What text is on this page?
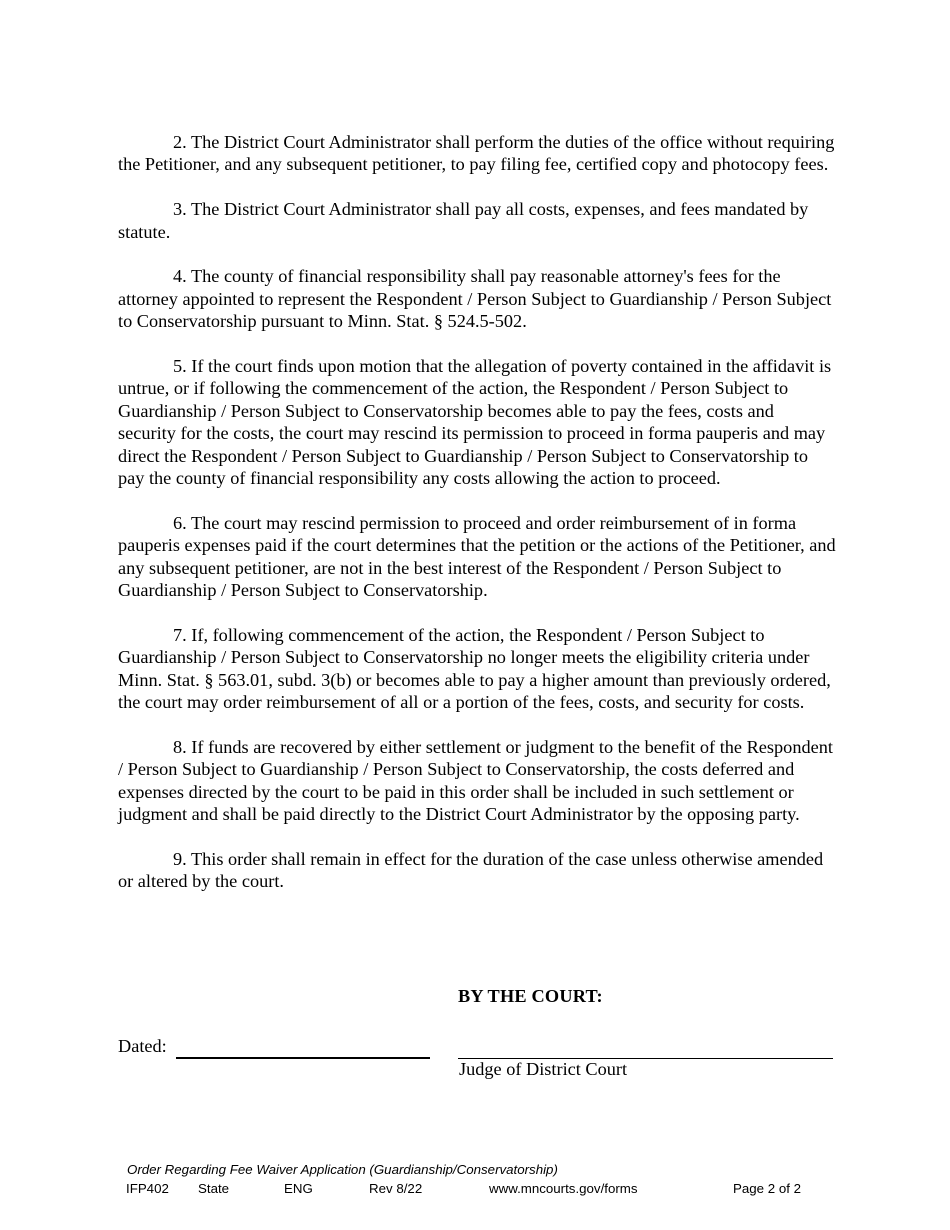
2. The District Court Administrator shall perform the duties of the office without requiring the Petitioner, and any subsequent petitioner, to pay filing fee, certified copy and photocopy fees.

3. The District Court Administrator shall pay all costs, expenses, and fees mandated by statute.

4. The county of financial responsibility shall pay reasonable attorney's fees for the attorney appointed to represent the Respondent / Person Subject to Guardianship / Person Subject to Conservatorship pursuant to Minn. Stat. § 524.5-502.

5. If the court finds upon motion that the allegation of poverty contained in the affidavit is untrue, or if following the commencement of the action, the Respondent / Person Subject to Guardianship / Person Subject to Conservatorship becomes able to pay the fees, costs and security for the costs, the court may rescind its permission to proceed in forma pauperis and may direct the Respondent / Person Subject to Guardianship / Person Subject to Conservatorship to pay the county of financial responsibility any costs allowing the action to proceed.

6. The court may rescind permission to proceed and order reimbursement of in forma pauperis expenses paid if the court determines that the petition or the actions of the Petitioner, and any subsequent petitioner, are not in the best interest of the Respondent / Person Subject to Guardianship / Person Subject to Conservatorship.

7. If, following commencement of the action, the Respondent / Person Subject to Guardianship / Person Subject to Conservatorship no longer meets the eligibility criteria under Minn. Stat. § 563.01, subd. 3(b) or becomes able to pay a higher amount than previously ordered, the court may order reimbursement of all or a portion of the fees, costs, and security for costs.

8. If funds are recovered by either settlement or judgment to the benefit of the Respondent / Person Subject to Guardianship / Person Subject to Conservatorship, the costs deferred and expenses directed by the court to be paid in this order shall be included in such settlement or judgment and shall be paid directly to the District Court Administrator by the opposing party.

9. This order shall remain in effect for the duration of the case unless otherwise amended or altered by the court.

BY THE COURT:
Dated:
Judge of District Court
Order Regarding Fee Waiver Application (Guardianship/Conservatorship)
IFP402 State	ENG	Rev 8/22	www.mncourts.gov/forms	Page 2 of 2
